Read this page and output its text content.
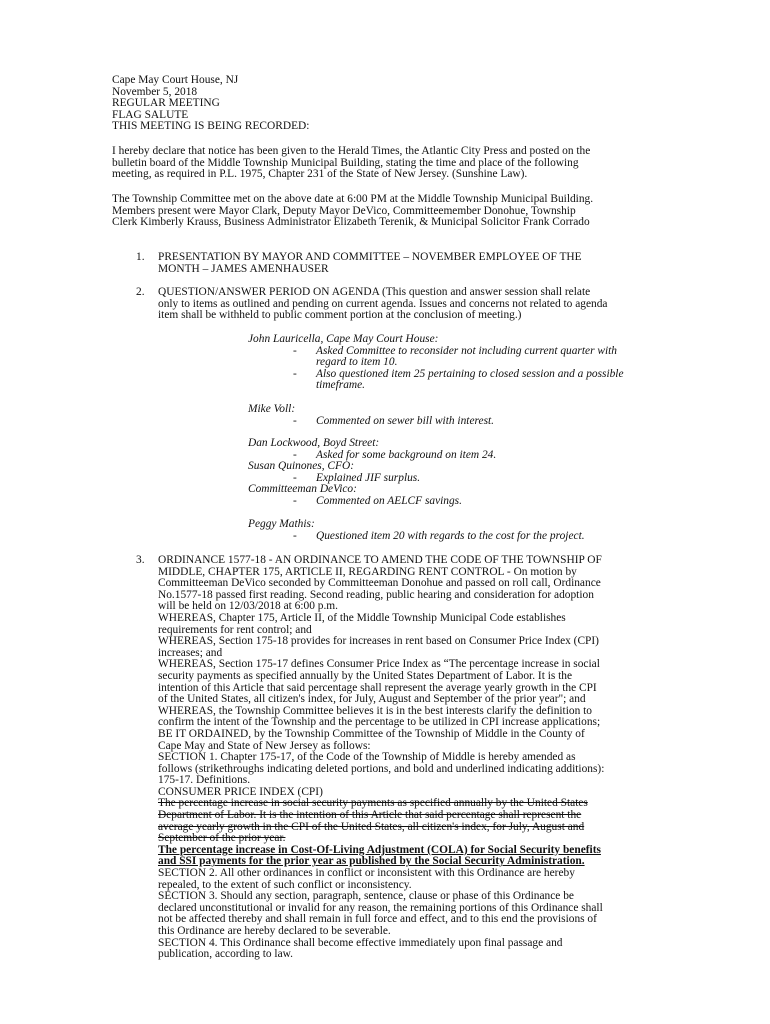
Cape May Court House, NJ
November 5, 2018
REGULAR MEETING
FLAG SALUTE
THIS MEETING IS BEING RECORDED:
I hereby declare that notice has been given to the Herald Times, the Atlantic City Press and posted on the
bulletin board of the Middle Township Municipal Building, stating the time and place of the following
meeting, as required in P.L. 1975, Chapter 231 of the State of New Jersey. (Sunshine Law).
The Township Committee met on the above date at 6:00 PM at the Middle Township Municipal Building.
Members present were Mayor Clark, Deputy Mayor DeVico, Committeemember Donohue, Township
Clerk Kimberly Krauss, Business Administrator Elizabeth Terenik, & Municipal Solicitor Frank Corrado
1. PRESENTATION BY MAYOR AND COMMITTEE – NOVEMBER EMPLOYEE OF THE
MONTH – JAMES AMENHAUSER
2. QUESTION/ANSWER PERIOD ON AGENDA (This question and answer session shall relate
only to items as outlined and pending on current agenda. Issues and concerns not related to agenda
item shall be withheld to public comment portion at the conclusion of meeting.)
John Lauricella, Cape May Court House:
- Asked Committee to reconsider not including current quarter with
regard to item 10.
- Also questioned item 25 pertaining to closed session and a possible
timeframe.
Mike Voll:
- Commented on sewer bill with interest.
Dan Lockwood, Boyd Street:
- Asked for some background on item 24.
Susan Quinones, CFO:
- Explained JIF surplus.
Committeeman DeVico:
- Commented on AELCF savings.
Peggy Mathis:
- Questioned item 20 with regards to the cost for the project.
3. ORDINANCE 1577-18 - AN ORDINANCE TO AMEND THE CODE OF THE TOWNSHIP OF
MIDDLE, CHAPTER 175, ARTICLE II, REGARDING RENT CONTROL - On motion by
Committeeman DeVico seconded by Committeeman Donohue and passed on roll call, Ordinance
No.1577-18 passed first reading. Second reading, public hearing and consideration for adoption
will be held on 12/03/2018 at 6:00 p.m.
WHEREAS, Chapter 175, Article II, of the Middle Township Municipal Code establishes
requirements for rent control; and
WHEREAS, Section 175-18 provides for increases in rent based on Consumer Price Index (CPI)
increases; and
WHEREAS, Section 175-17 defines Consumer Price Index as “The percentage increase in social
security payments as specified annually by the United States Department of Labor. It is the
intention of this Article that said percentage shall represent the average yearly growth in the CPI
of the United States, all citizen's index, for July, August and September of the prior year"; and
WHEREAS, the Township Committee believes it is in the best interests clarify the definition to
confirm the intent of the Township and the percentage to be utilized in CPI increase applications;
BE IT ORDAINED, by the Township Committee of the Township of Middle in the County of
Cape May and State of New Jersey as follows:
SECTION 1. Chapter 175-17, of the Code of the Township of Middle is hereby amended as
follows (strikethroughs indicating deleted portions, and bold and underlined indicating additions):
175-17. Definitions.
CONSUMER PRICE INDEX (CPI)
The percentage increase in social security payments as specified annually by the United States
Department of Labor. It is the intention of this Article that said percentage shall represent the
average yearly growth in the CPI of the United States, all citizen's index, for July, August and
September of the prior year.
The percentage increase in Cost-Of-Living Adjustment (COLA) for Social Security benefits
and SSI payments for the prior year as published by the Social Security Administration.
SECTION 2. All other ordinances in conflict or inconsistent with this Ordinance are hereby
repealed, to the extent of such conflict or inconsistency.
SECTION 3. Should any section, paragraph, sentence, clause or phase of this Ordinance be
declared unconstitutional or invalid for any reason, the remaining portions of this Ordinance shall
not be affected thereby and shall remain in full force and effect, and to this end the provisions of
this Ordinance are hereby declared to be severable.
SECTION 4. This Ordinance shall become effective immediately upon final passage and
publication, according to law.
